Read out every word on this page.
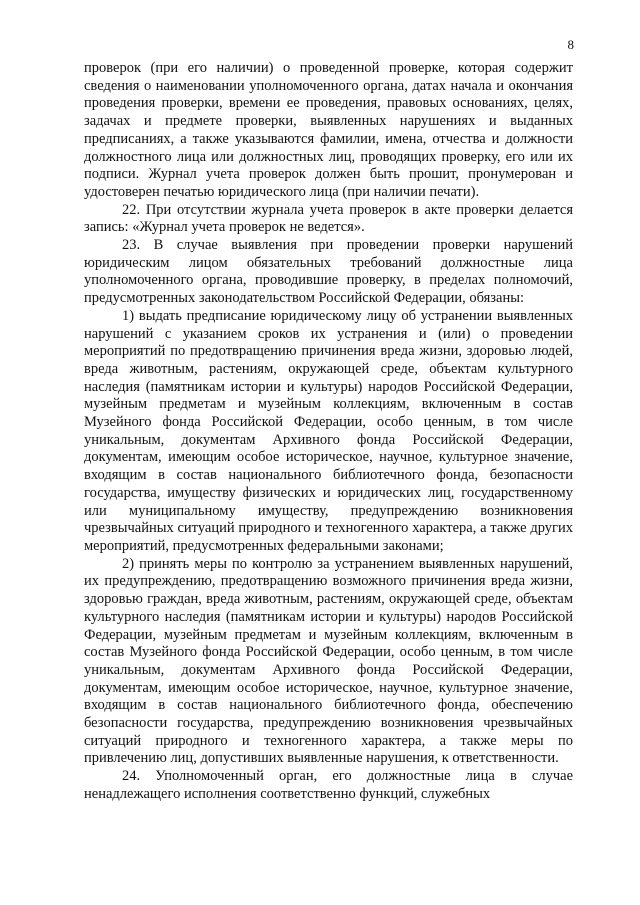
8

проверок (при его наличии) о проведенной проверке, которая содержит сведения о наименовании уполномоченного органа, датах начала и окончания проведения проверки, времени ее проведения, правовых основаниях, целях, задачах и предмете проверки, выявленных нарушениях и выданных предписаниях, а также указываются фамилии, имена, отчества и должности должностного лица или должностных лиц, проводящих проверку, его или их подписи. Журнал учета проверок должен быть прошит, пронумерован и удостоверен печатью юридического лица (при наличии печати).

22. При отсутствии журнала учета проверок в акте проверки делается запись: «Журнал учета проверок не ведется».

23. В случае выявления при проведении проверки нарушений юридическим лицом обязательных требований должностные лица уполномоченного органа, проводившие проверку, в пределах полномочий, предусмотренных законодательством Российской Федерации, обязаны:

1) выдать предписание юридическому лицу об устранении выявленных нарушений с указанием сроков их устранения и (или) о проведении мероприятий по предотвращению причинения вреда жизни, здоровью людей, вреда животным, растениям, окружающей среде, объектам культурного наследия (памятникам истории и культуры) народов Российской Федерации, музейным предметам и музейным коллекциям, включенным в состав Музейного фонда Российской Федерации, особо ценным, в том числе уникальным, документам Архивного фонда Российской Федерации, документам, имеющим особое историческое, научное, культурное значение, входящим в состав национального библиотечного фонда, безопасности государства, имуществу физических и юридических лиц, государственному или муниципальному имуществу, предупреждению возникновения чрезвычайных ситуаций природного и техногенного характера, а также других мероприятий, предусмотренных федеральными законами;

2) принять меры по контролю за устранением выявленных нарушений, их предупреждению, предотвращению возможного причинения вреда жизни, здоровью граждан, вреда животным, растениям, окружающей среде, объектам культурного наследия (памятникам истории и культуры) народов Российской Федерации, музейным предметам и музейным коллекциям, включенным в состав Музейного фонда Российской Федерации, особо ценным, в том числе уникальным, документам Архивного фонда Российской Федерации, документам, имеющим особое историческое, научное, культурное значение, входящим в состав национального библиотечного фонда, обеспечению безопасности государства, предупреждению возникновения чрезвычайных ситуаций природного и техногенного характера, а также меры по привлечению лиц, допустивших выявленные нарушения, к ответственности.

24. Уполномоченный орган, его должностные лица в случае ненадлежащего исполнения соответственно функций, служебных
